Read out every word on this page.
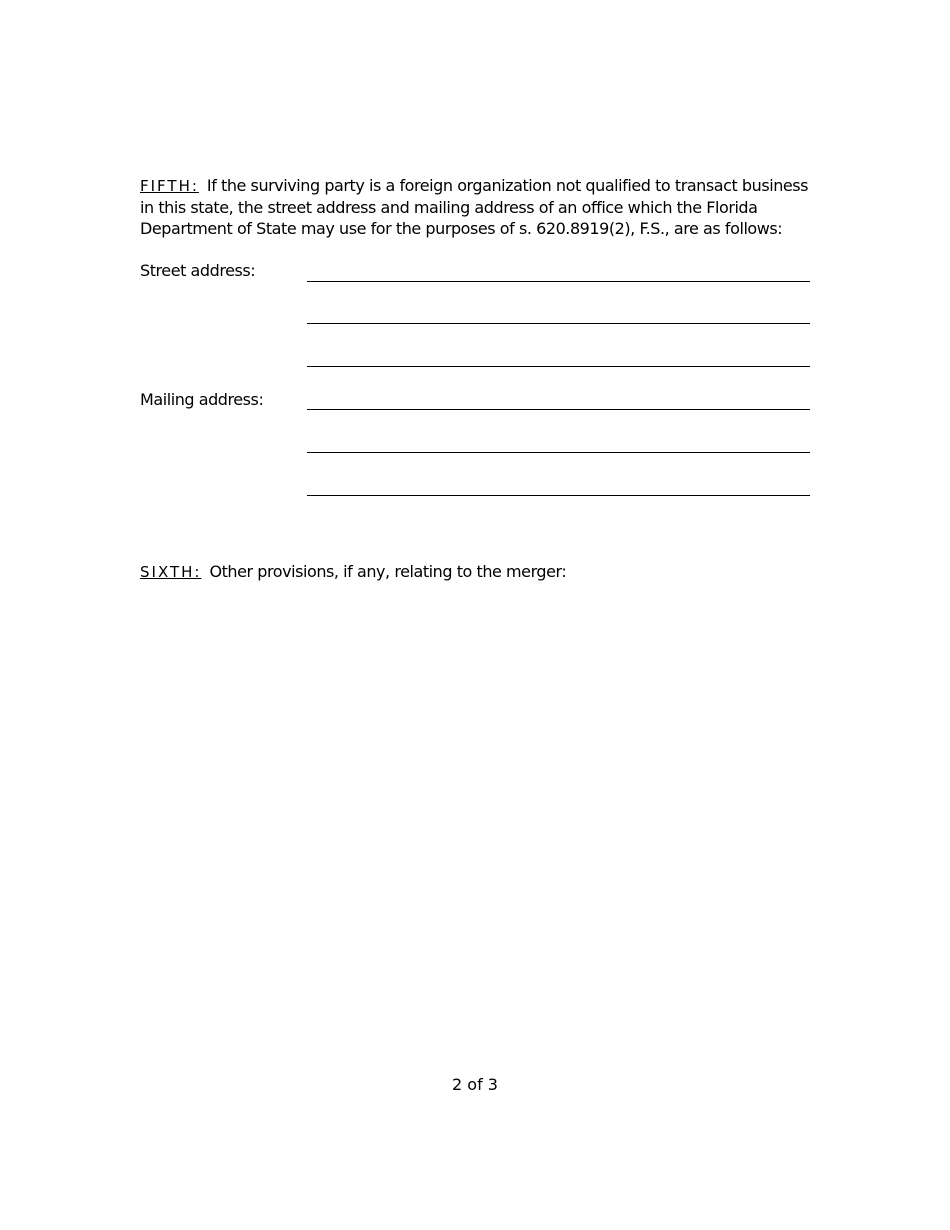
FIFTH: If the surviving party is a foreign organization not qualified to transact business in this state, the street address and mailing address of an office which the Florida Department of State may use for the purposes of s. 620.8919(2), F.S., are as follows:
Street address:
Mailing address:
SIXTH: Other provisions, if any, relating to the merger:
2 of 3
